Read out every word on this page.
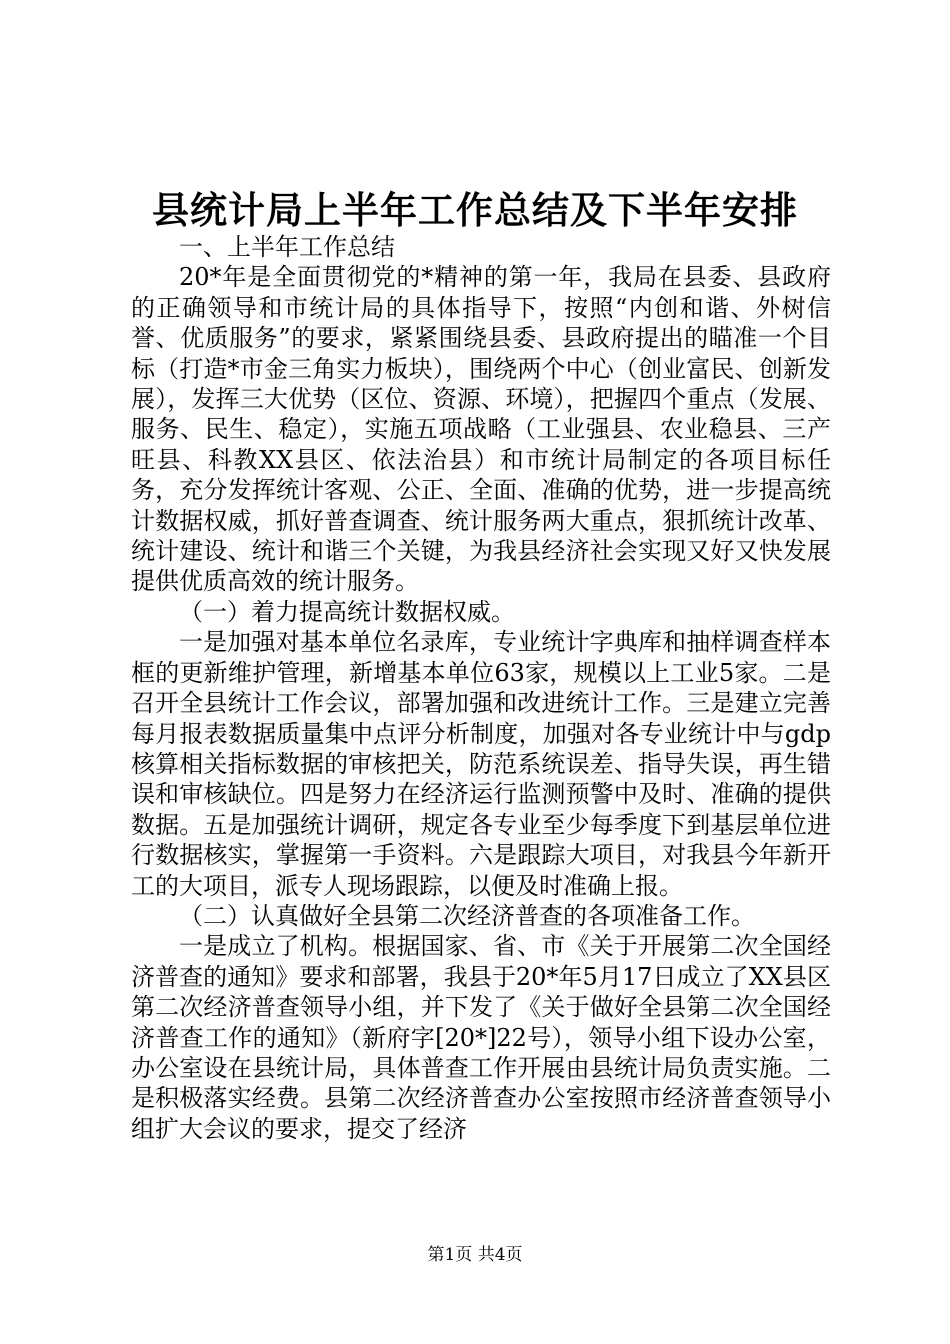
县统计局上半年工作总结及下半年安排

一、上半年工作总结

20*年是全面贯彻党的*精神的第一年，我局在县委、县政府的正确领导和市统计局的具体指导下，按照“内创和谐、外树信誉、优质服务”的要求，紧紧围绕县委、县政府提出的瞄准一个目标（打造*市金三角实力板块），围绕两个中心（创业富民、创新发展），发挥三大优势（区位、资源、环境），把握四个重点（发展、服务、民生、稳定），实施五项战略（工业强县、农业稳县、三产旺县、科教XX县区、依法治县）和市统计局制定的各项目标任务，充分发挥统计客观、公正、全面、准确的优势，进一步提高统计数据权威，抓好普查调查、统计服务两大重点，狠抓统计改革、统计建设、统计和谐三个关键，为我县经济社会实现又好又快发展提供优质高效的统计服务。

（一）着力提高统计数据权威。

一是加强对基本单位名录库，专业统计字典库和抽样调查样本框的更新维护管理，新增基本单位63家，规模以上工业5家。二是召开全县统计工作会议，部署加强和改进统计工作。三是建立完善每月报表数据质量集中点评分析制度，加强对各专业统计中与gdp核算相关指标数据的审核把关，防范系统误差、指导失误，再生错误和审核缺位。四是努力在经济运行监测预警中及时、准确的提供数据。五是加强统计调研，规定各专业至少每季度下到基层单位进行数据核实，掌握第一手资料。六是跟踪大项目，对我县今年新开工的大项目，派专人现场跟踪，以便及时准确上报。

（二）认真做好全县第二次经济普查的各项准备工作。

一是成立了机构。根据国家、省、市《关于开展第二次全国经济普查的通知》要求和部署，我县于20*年5月17日成立了XX县区第二次经济普查领导小组，并下发了《关于做好全县第二次全国经济普查工作的通知》（新府字[20*]22号），领导小组下设办公室，办公室设在县统计局，具体普查工作开展由县统计局负责实施。二是积极落实经费。县第二次经济普查办公室按照市经济普查领导小组扩大会议的要求，提交了经济

第1页 共4页
